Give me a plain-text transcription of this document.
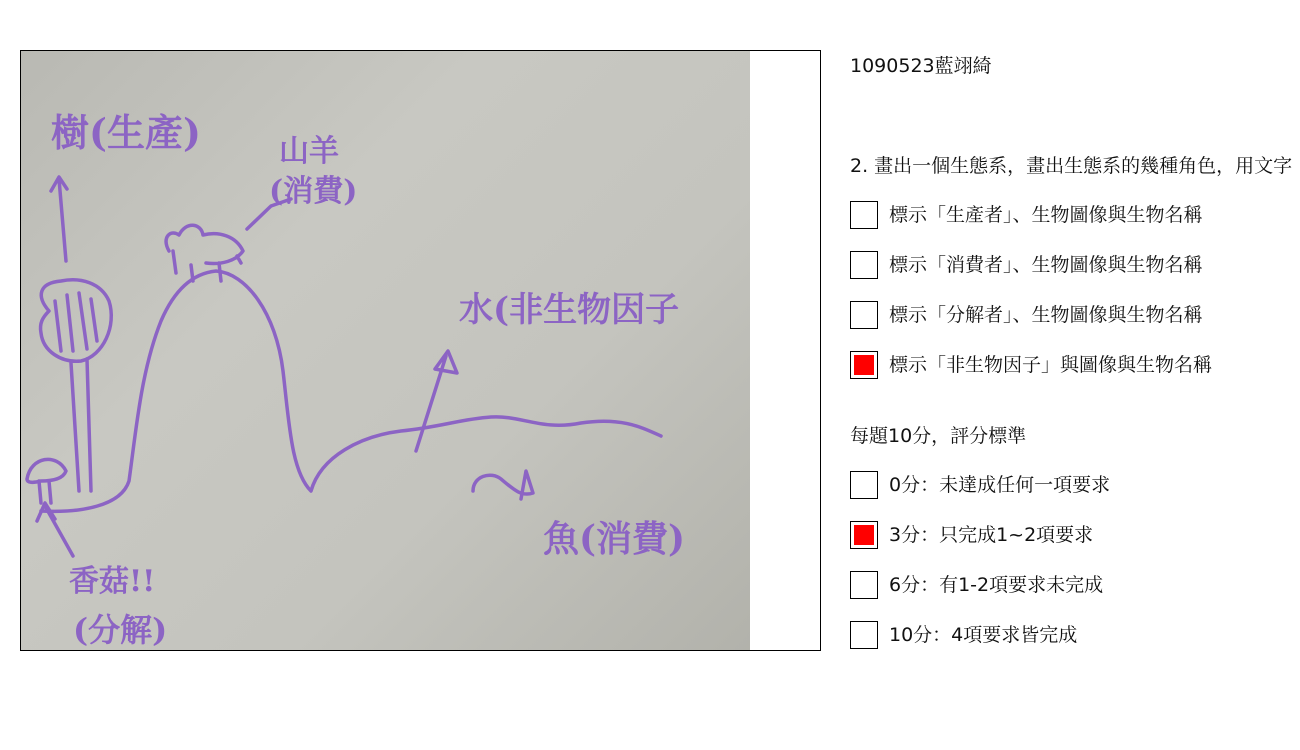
樹(生產)	山羊
(消費)
水(非生物因子
魚(消費)
香菇!!
(分解)
1090523藍翊綺
2. 畫出一個生態系，畫出生態系的幾種角色，用文字
標示「生產者」、生物圖像與生物名稱
標示「消費者」、生物圖像與生物名稱
標示「分解者」、生物圖像與生物名稱
標示「非生物因子」與圖像與生物名稱
每題10分，評分標準
0分：未達成任何一項要求
3分：只完成1~2項要求
6分：有1-2項要求未完成
10分：4項要求皆完成
